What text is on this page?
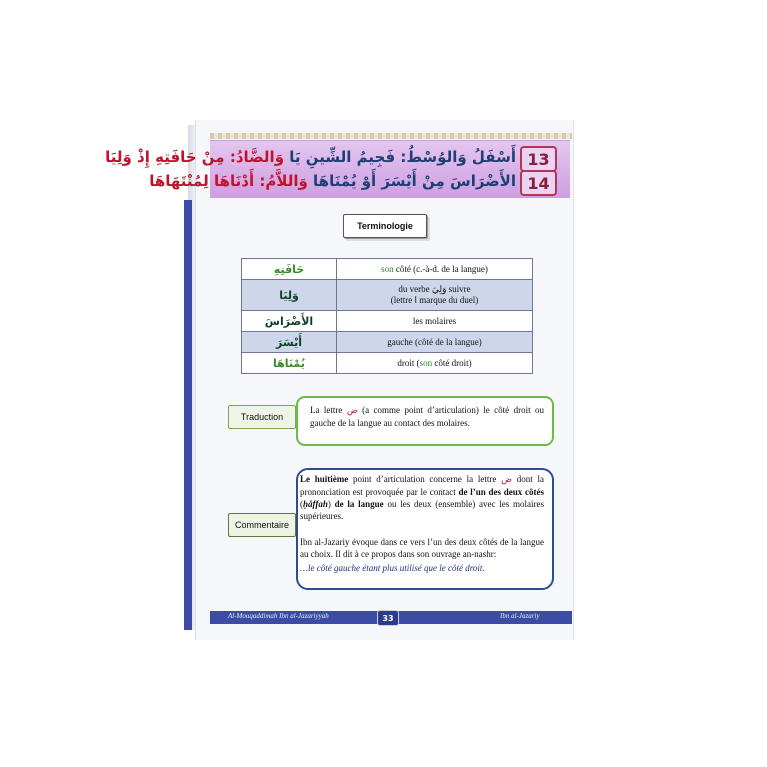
13
أَسْفَلُ وَالوُسْطُ: فَجِيمُ الشِّينِ يَا وَالضَّادُ: مِنْ حَافَتِهِ إِذْ وَلِيَا
14
الأَضْرَاسَ مِنْ أَيْسَرَ أَوْ يُمْنَاهَا وَاللاَّمُ: أَدْنَاهَا لِمُنْتَهَاهَا
Terminologie
حَافَتِهِ	son côté (c.-à-d. de la langue)
وَلِيَا	du verbe وَلِيَ suivre
(lettre ا marque du duel)
الأَضْرَاسَ	les molaires
أَيْسَرَ	gauche (côté de la langue)
يُمْنَاهَا	droit (son côté droit)
Traduction
La lettre ض (a comme point d’articulation) le côté droit ou gauche de la langue au contact des molaires.
Commentaire
Le huitième point d’articulation concerne la lettre ض dont la prononciation est provoquée par le contact de l’un des deux côtés (ḥâffah) de la langue ou les deux (ensemble) avec les molaires supérieures.
Ibn al-Jazariy évoque dans ce vers l’un des deux côtés de la langue au choix. Il dit à ce propos dans son ouvrage an-nashr:
…le côté gauche étant plus utilisé que le côté droit.
Al-Mouqaddimah Ibn al-Jazariyyah	33	Ibn al-Jazariy
